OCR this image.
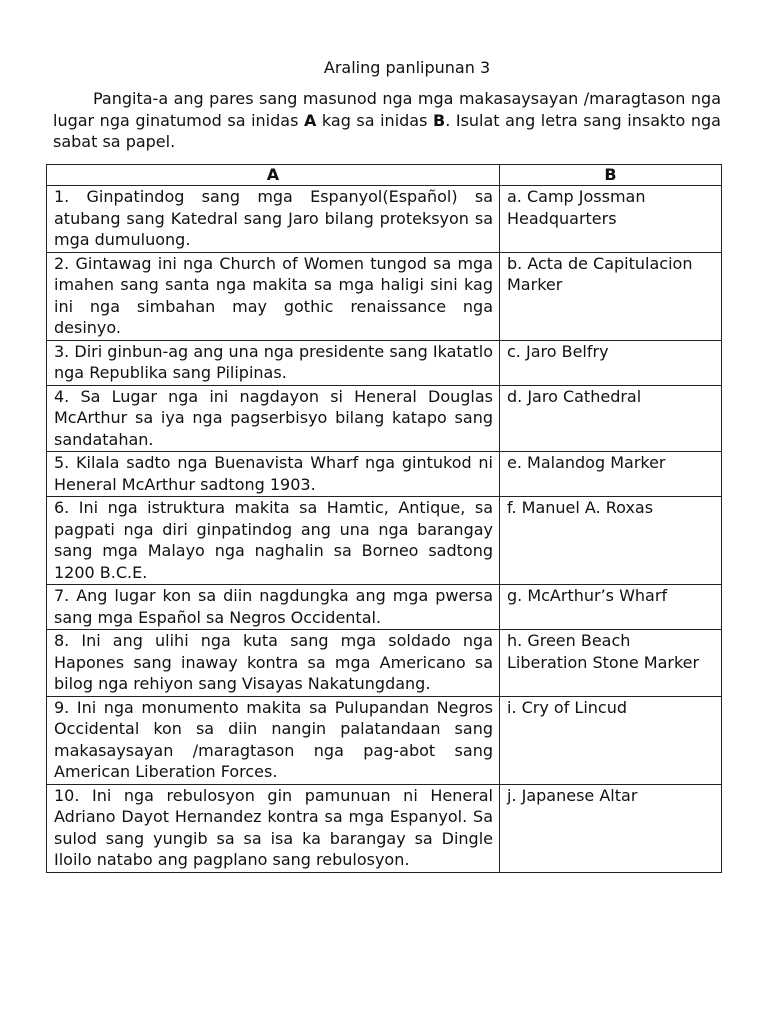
Araling panlipunan 3

Pangita-a ang pares sang masunod nga mga makasaysayan /maragtason nga lugar nga ginatumod sa inidas A kag sa inidas B. Isulat ang letra sang insakto nga sabat sa papel.

A	B
1. Ginpatindog sang mga Espanyol(Español) sa atubang sang Katedral sang Jaro bilang proteksyon sa mga dumuluong.	a. Camp Jossman Headquarters
2. Gintawag ini nga Church of Women tungod sa mga imahen sang santa nga makita sa mga haligi sini kag ini nga simbahan may gothic renaissance nga desinyo.	b. Acta de Capitulacion Marker
3. Diri ginbun-ag ang una nga presidente sang Ikatatlo nga Republika sang Pilipinas.	c. Jaro Belfry
4. Sa Lugar nga ini nagdayon si Heneral Douglas McArthur sa iya nga pagserbisyo bilang katapo sang sandatahan.	d. Jaro Cathedral
5. Kilala sadto nga Buenavista Wharf nga gintukod ni Heneral McArthur sadtong 1903.	e. Malandog Marker
6. Ini nga istruktura makita sa Hamtic, Antique, sa pagpati nga diri ginpatindog ang una nga barangay sang mga Malayo nga naghalin sa Borneo sadtong 1200 B.C.E.	f. Manuel A. Roxas
7. Ang lugar kon sa diin nagdungka ang mga pwersa sang mga Español sa Negros Occidental.	g. McArthur’s Wharf
8. Ini ang ulihi nga kuta sang mga soldado nga Hapones sang inaway kontra sa mga Americano sa bilog nga rehiyon sang Visayas Nakatungdang.	h. Green Beach Liberation Stone Marker
9. Ini nga monumento makita sa Pulupandan Negros Occidental kon sa diin nangin palatandaan sang makasaysayan /maragtason nga pag-abot sang American Liberation Forces.	i. Cry of Lincud
10. Ini nga rebulosyon gin pamunuan ni Heneral Adriano Dayot Hernandez kontra sa mga Espanyol. Sa sulod sang yungib sa sa isa ka barangay sa Dingle Iloilo natabo ang pagplano sang rebulosyon.	j. Japanese Altar
